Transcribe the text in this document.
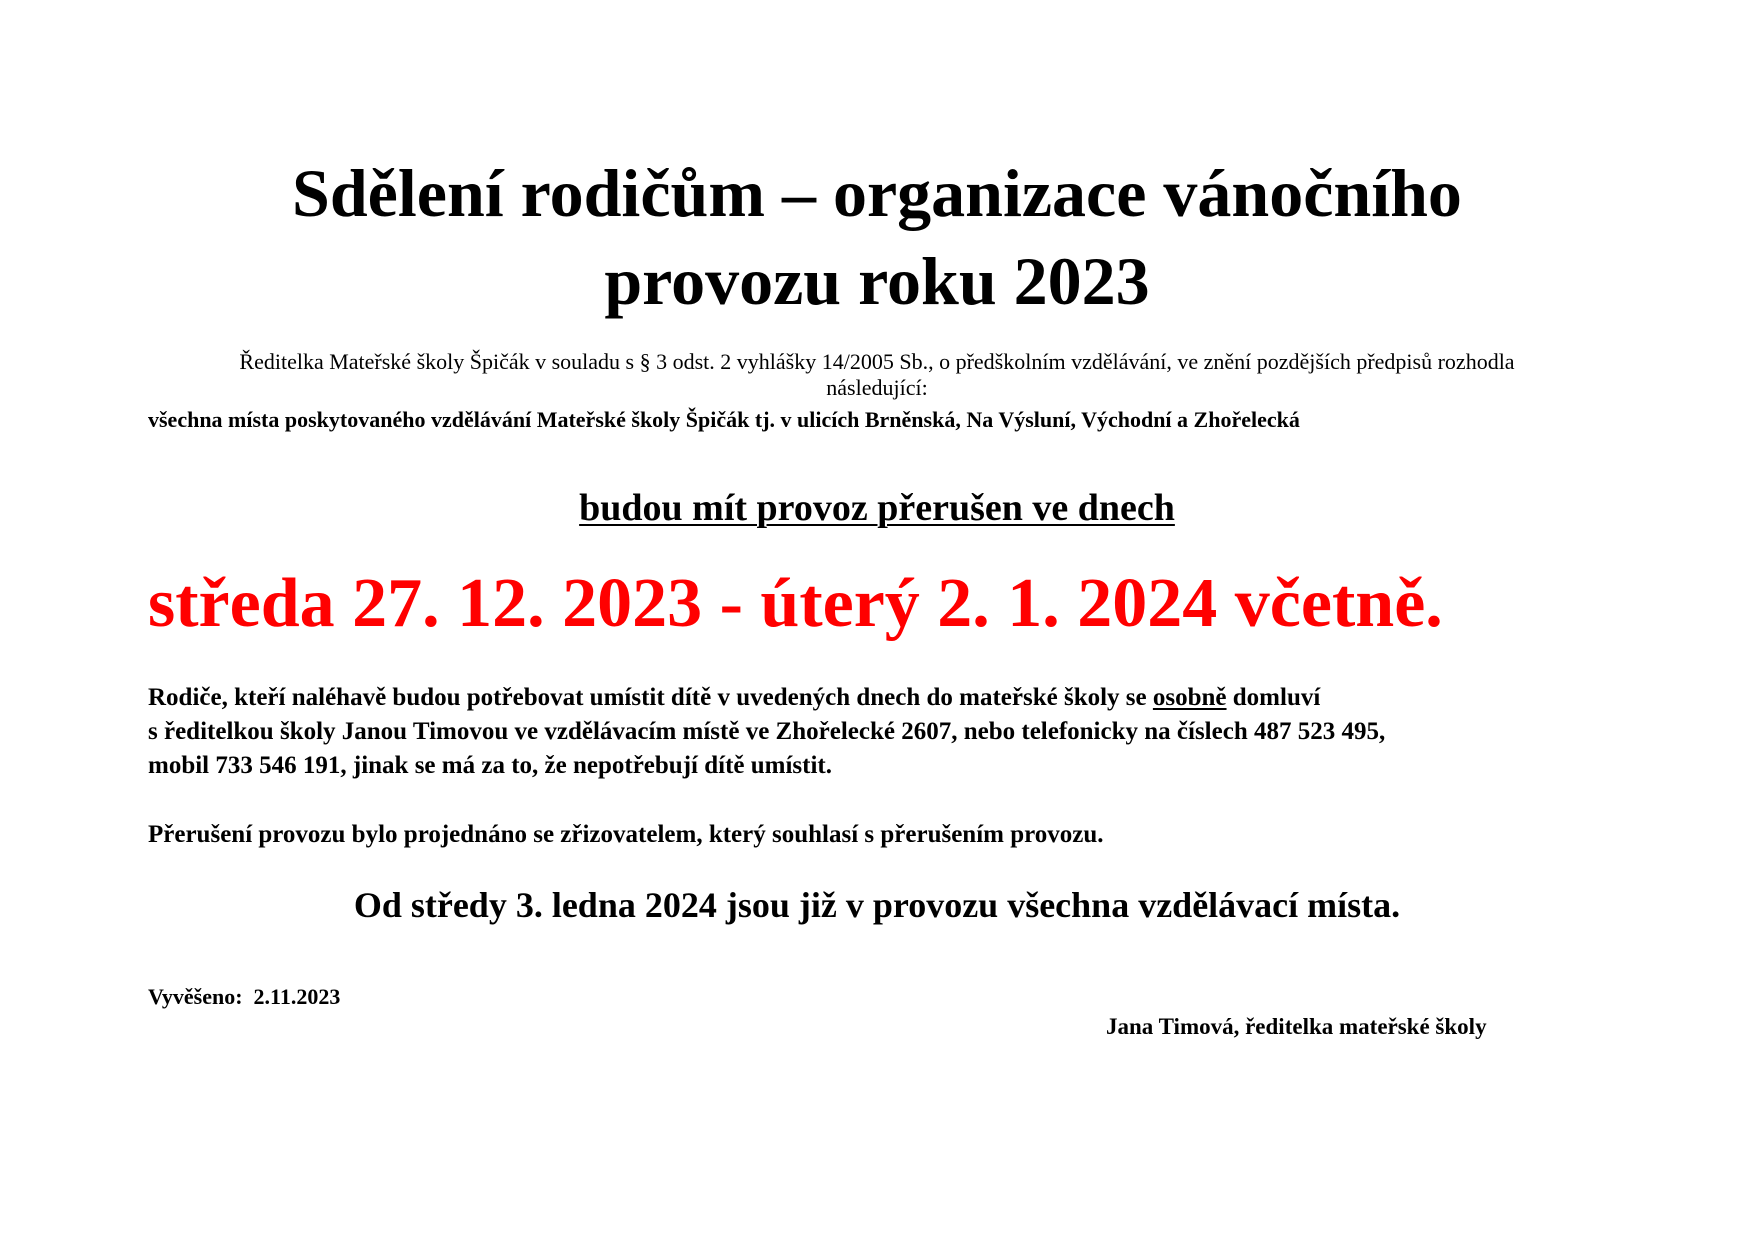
Sdělení rodičům – organizace vánočního
provozu roku 2023
Ředitelka Mateřské školy Špičák v souladu s § 3 odst. 2 vyhlášky 14/2005 Sb., o předškolním vzdělávání, ve znění pozdějších předpisů rozhodla
následující:
všechna místa poskytovaného vzdělávání Mateřské školy Špičák tj. v ulicích Brněnská, Na Výsluní, Východní a Zhořelecká
budou mít provoz přerušen ve dnech
středa 27. 12. 2023 - úterý 2. 1. 2024 včetně.
Rodiče, kteří naléhavě budou potřebovat umístit dítě v uvedených dnech do mateřské školy se osobně domluví
s ředitelkou školy Janou Timovou ve vzdělávacím místě ve Zhořelecké 2607, nebo telefonicky na číslech 487 523 495,
mobil 733 546 191, jinak se má za to, že nepotřebují dítě umístit.
Přerušení provozu bylo projednáno se zřizovatelem, který souhlasí s přerušením provozu.
Od středy 3. ledna 2024 jsou již v provozu všechna vzdělávací místa.
Vyvěšeno: 2.11.2023
Jana Timová, ředitelka mateřské školy
